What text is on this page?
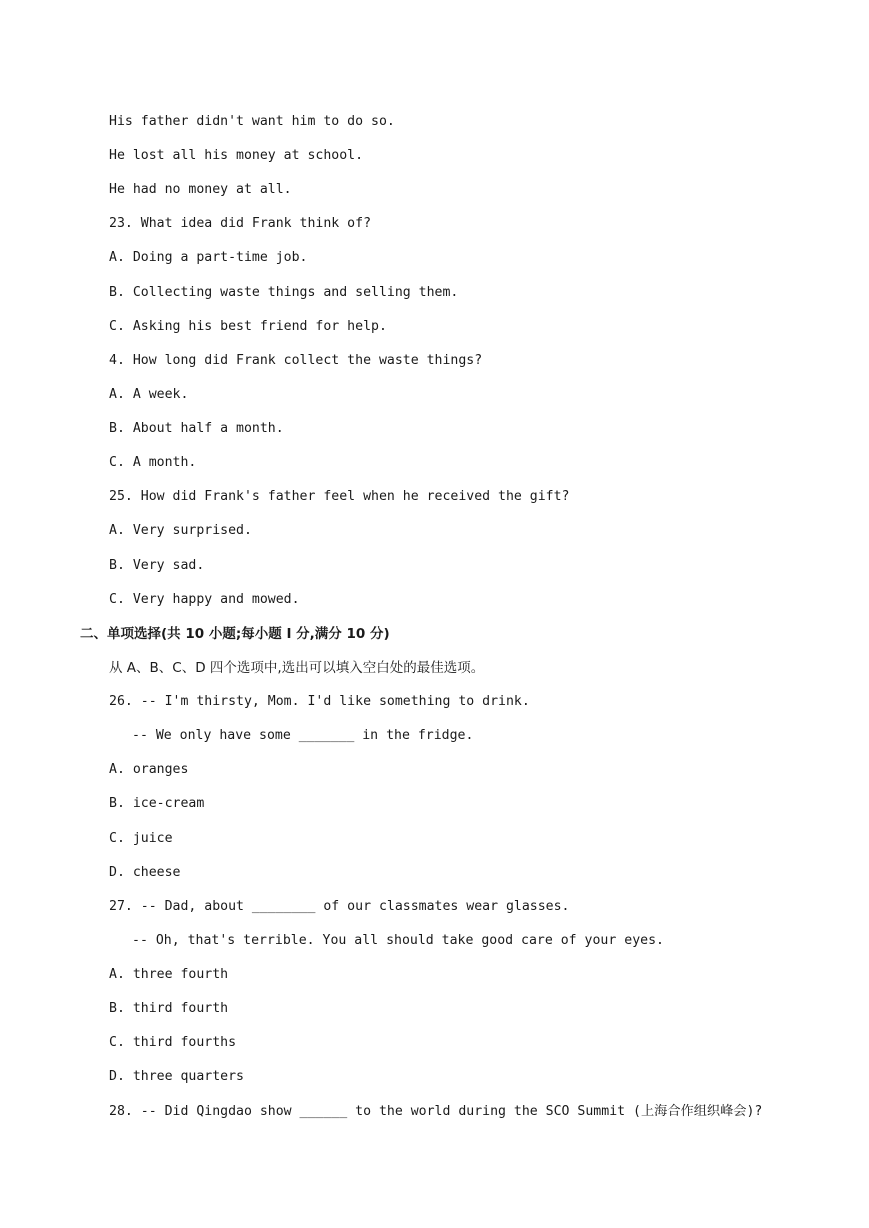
His father didn't want him to do so.
He lost all his money at school.
He had no money at all.
23. What idea did Frank think of?
A. Doing a part-time job.
B. Collecting waste things and selling them.
C. Asking his best friend for help.
4. How long did Frank collect the waste things?
A. A week.
B. About half a month.
C. A month.
25. How did Frank's father feel when he received the gift?
A. Very surprised.
B. Very sad.
C. Very happy and mowed.
二、单项选择(共 10 小题;每小题 I 分,满分 10 分)
从 A、B、C、D 四个选项中,选出可以填入空白处的最佳选项。
26. -- I'm thirsty, Mom. I'd like something to drink.
-- We only have some _______ in the fridge.
A. oranges
B. ice-cream
C. juice
D. cheese
27. -- Dad, about ________ of our classmates wear glasses.
-- Oh, that's terrible. You all should take good care of your eyes.
A. three fourth
B. third fourth
C. third fourths
D. three quarters
28. -- Did Qingdao show ______ to the world during the SCO Summit (上海合作组织峰会)?
